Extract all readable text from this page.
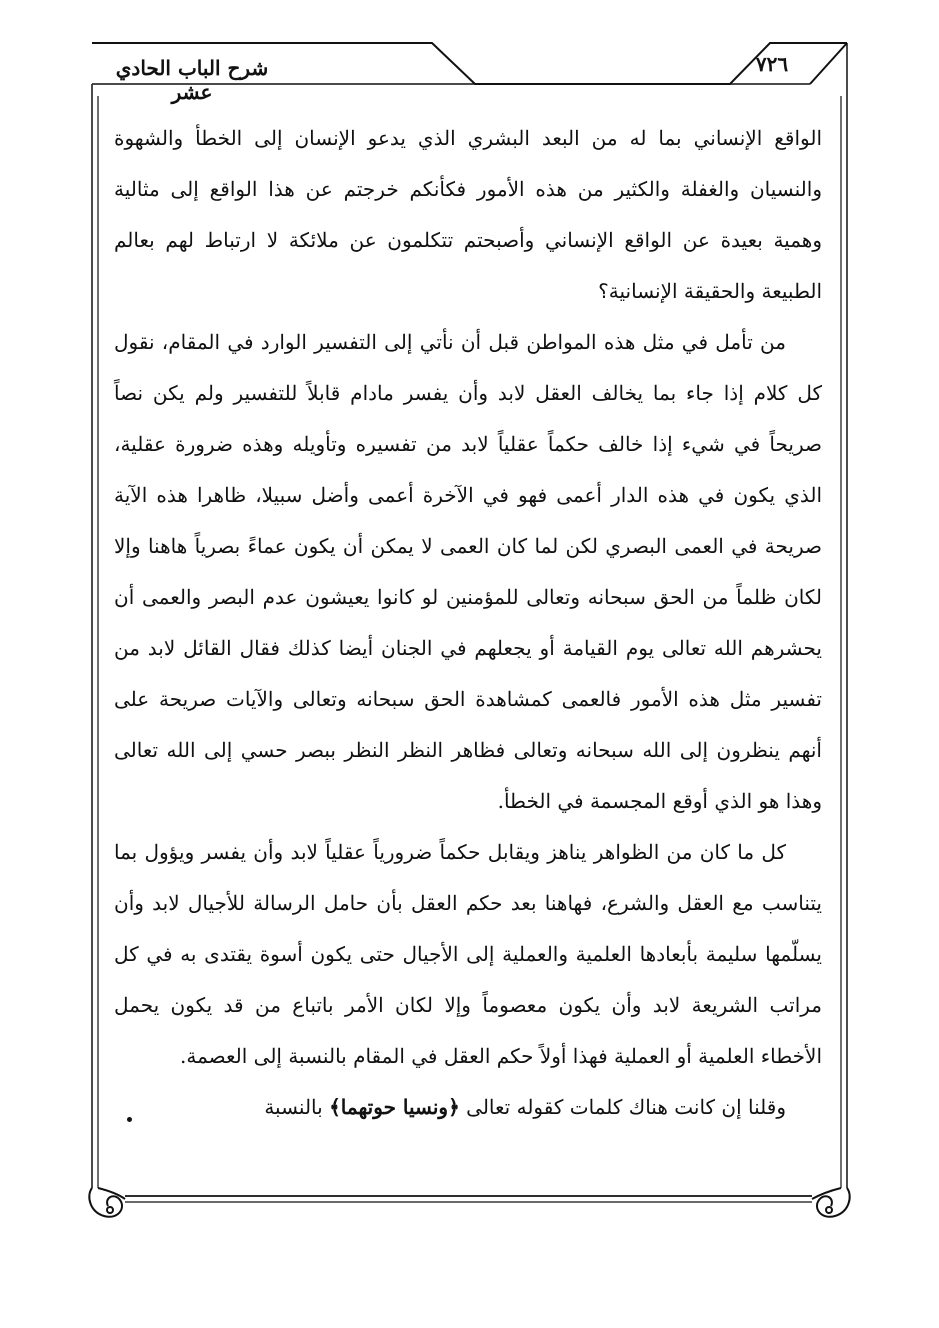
٧٢٦
شرح الباب الحادي عشر

الواقع الإنساني بما له من البعد البشري الذي يدعو الإنسان إلى الخطأ والشهوة والنسيان والغفلة والكثير من هذه الأمور فكأنكم خرجتم عن هذا الواقع إلى مثالية وهمية بعيدة عن الواقع الإنساني وأصبحتم تتكلمون عن ملائكة لا ارتباط لهم بعالم الطبيعة والحقيقة الإنسانية؟

من تأمل في مثل هذه المواطن قبل أن نأتي إلى التفسير الوارد في المقام، نقول كل كلام إذا جاء بما يخالف العقل لابد وأن يفسر مادام قابلاً للتفسير ولم يكن نصاً صريحاً في شيء إذا خالف حكماً عقلياً لابد من تفسيره وتأويله وهذه ضرورة عقلية، الذي يكون في هذه الدار أعمى فهو في الآخرة أعمى وأضل سبيلا، ظاهرا هذه الآية صريحة في العمى البصري لكن لما كان العمى لا يمكن أن يكون عماءً بصرياً هاهنا وإلا لكان ظلماً من الحق سبحانه وتعالى للمؤمنين لو كانوا يعيشون عدم البصر والعمى أن يحشرهم الله تعالى يوم القيامة أو يجعلهم في الجنان أيضا كذلك فقال القائل لابد من تفسير مثل هذه الأمور فالعمى كمشاهدة الحق سبحانه وتعالى والآيات صريحة على أنهم ينظرون إلى الله سبحانه وتعالى فظاهر النظر النظر ببصر حسي إلى الله تعالى وهذا هو الذي أوقع المجسمة في الخطأ.

كل ما كان من الظواهر يناهز ويقابل حكماً ضرورياً عقلياً لابد وأن يفسر ويؤول بما يتناسب مع العقل والشرع، فهاهنا بعد حكم العقل بأن حامل الرسالة للأجيال لابد وأن يسلّمها سليمة بأبعادها العلمية والعملية إلى الأجيال حتى يكون أسوة يقتدى به في كل مراتب الشريعة لابد وأن يكون معصوماً وإلا لكان الأمر باتباع من قد يكون يحمل الأخطاء العلمية أو العملية فهذا أولاً حكم العقل في المقام بالنسبة إلى العصمة.

وقلنا إن كانت هناك كلمات كقوله تعالى ﴿ونسيا حوتهما﴾ بالنسبة
